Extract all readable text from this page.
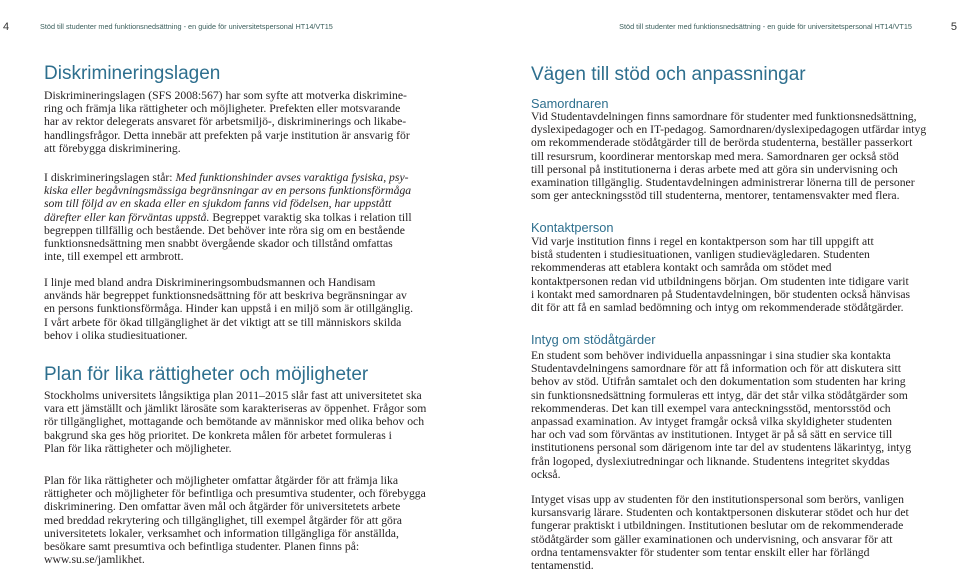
4	Stöd till studenter med funktionsnedsättning - en guide för universitetspersonal HT14/VT15
Diskrimineringslagen
Diskrimineringslagen (SFS 2008:567) har som syfte att motverka diskrimine-
ring och främja lika rättigheter och möjligheter. Prefekten eller motsvarande
har av rektor delegerats ansvaret för arbetsmiljö-, diskriminerings och likabe-
handlingsfrågor. Detta innebär att prefekten på varje institution är ansvarig för
att förebygga diskriminering.
I diskrimineringslagen står: Med funktionshinder avses varaktiga fysiska, psy-
kiska eller begåvningsmässiga begränsningar av en persons funktionsförmåga
som till följd av en skada eller en sjukdom fanns vid födelsen, har uppstått
därefter eller kan förväntas uppstå. Begreppet varaktig ska tolkas i relation till
begreppen tillfällig och bestående. Det behöver inte röra sig om en bestående
funktionsnedsättning men snabbt övergående skador och tillstånd omfattas
inte, till exempel ett armbrott.
I linje med bland andra Diskrimineringsombudsmannen och Handisam
används här begreppet funktionsnedsättning för att beskriva begränsningar av
en persons funktionsförmåga. Hinder kan uppstå i en miljö som är otillgänglig.
I vårt arbete för ökad tillgänglighet är det viktigt att se till människors skilda
behov i olika studiesituationer.
Plan för lika rättigheter och möjligheter
Stockholms universitets långsiktiga plan 2011–2015 slår fast att universitetet ska
vara ett jämställt och jämlikt lärosäte som karakteriseras av öppenhet. Frågor som
rör tillgänglighet, mottagande och bemötande av människor med olika behov och
bakgrund ska ges hög prioritet. De konkreta målen för arbetet formuleras i
Plan för lika rättigheter och möjligheter.
Plan för lika rättigheter och möjligheter omfattar åtgärder för att främja lika
rättigheter och möjligheter för befintliga och presumtiva studenter, och förebygga
diskriminering. Den omfattar även mål och åtgärder för universitetets arbete
med breddad rekrytering och tillgänglighet, till exempel åtgärder för att göra
universitetets lokaler, verksamhet och information tillgängliga för anställda,
besökare samt presumtiva och befintliga studenter. Planen finns på:
www.su.se/jamlikhet.
Stöd till studenter med funktionsnedsättning - en guide för universitetspersonal HT14/VT15	5
Vägen till stöd och anpassningar
Samordnaren
Vid Studentavdelningen finns samordnare för studenter med funktionsnedsättning,
dyslexipedagoger och en IT-pedagog. Samordnaren/dyslexipedagogen utfärdar intyg
om rekommenderade stödåtgärder till de berörda studenterna, beställer passerkort
till resursrum, koordinerar mentorskap med mera. Samordnaren ger också stöd
till personal på institutionerna i deras arbete med att göra sin undervisning och
examination tillgänglig. Studentavdelningen administrerar lönerna till de personer
som ger anteckningsstöd till studenterna, mentorer, tentamensvakter med flera.
Kontaktperson
Vid varje institution finns i regel en kontaktperson som har till uppgift att
bistå studenten i studiesituationen, vanligen studievägledaren. Studenten
rekommenderas att etablera kontakt och samråda om stödet med
kontaktpersonen redan vid utbildningens början. Om studenten inte tidigare varit
i kontakt med samordnaren på Studentavdelningen, bör studenten också hänvisas
dit för att få en samlad bedömning och intyg om rekommenderade stödåtgärder.
Intyg om stödåtgärder
En student som behöver individuella anpassningar i sina studier ska kontakta
Studentavdelningens samordnare för att få information och för att diskutera sitt
behov av stöd. Utifrån samtalet och den dokumentation som studenten har kring
sin funktionsnedsättning formuleras ett intyg, där det står vilka stödåtgärder som
rekommenderas. Det kan till exempel vara anteckningsstöd, mentorsstöd och
anpassad examination. Av intyget framgår också vilka skyldigheter studenten
har och vad som förväntas av institutionen. Intyget är på så sätt en service till
institutionens personal som därigenom inte tar del av studentens läkarintyg, intyg
från logoped, dyslexiutredningar och liknande. Studentens integritet skyddas
också.
Intyget visas upp av studenten för den institutionspersonal som berörs, vanligen
kursansvarig lärare. Studenten och kontaktpersonen diskuterar stödet och hur det
fungerar praktiskt i utbildningen. Institutionen beslutar om de rekommenderade
stödåtgärder som gäller examinationen och undervisning, och ansvarar för att
ordna tentamensvakter för studenter som tentar enskilt eller har förlängd
tentamenstid.
